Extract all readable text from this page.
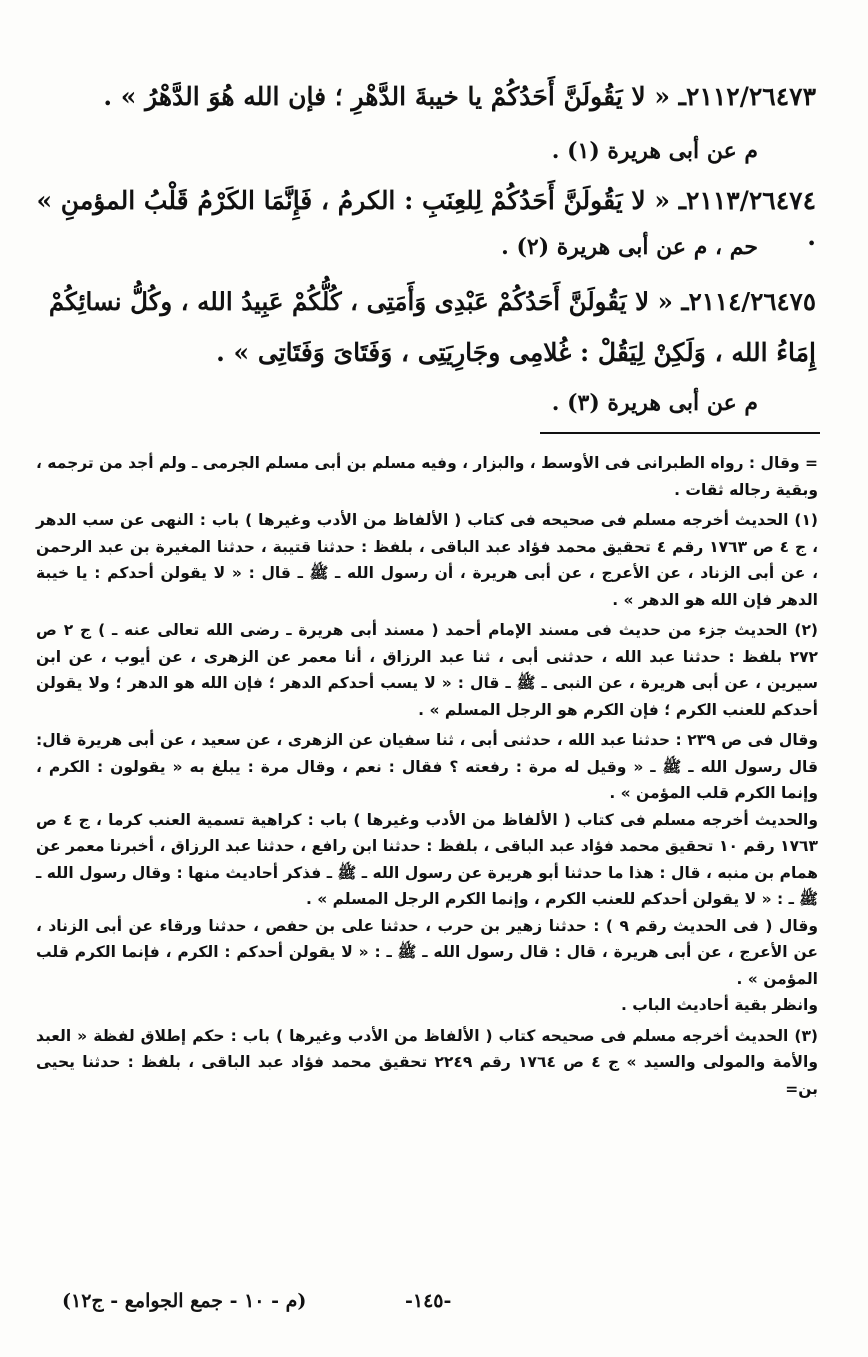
٢١١٢/٢٦٤٧٣ـ « لا يَقُولَنَّ أَحَدُكُمْ يا خيبةَ الدَّهْرِ ؛ فإن الله هُوَ الدَّهْرُ » .
م عن أبى هريرة (١) .
٢١١٣/٢٦٤٧٤ـ « لا يَقُولَنَّ أَحَدُكُمْ لِلعِنَبِ : الكرمُ ، فَإِنَّمَا الكَرْمُ قَلْبُ المؤمنِ » .
حم ، م عن أبى هريرة (٢) .
٢١١٤/٢٦٤٧٥ـ « لا يَقُولَنَّ أَحَدُكُمْ عَبْدِى وَأَمَتِى ، كُلُّكُمْ عَبِيدُ الله ، وكُلُّ نسائِكُمْ
إِمَاءُ الله ، وَلَكِنْ لِيَقُلْ : غُلامِى وجَارِيَتِى ، وَفَتَاىَ وَفَتَاتِى » .
م عن أبى هريرة (٣) .

= وقال : رواه الطبرانى فى الأوسط ، والبزار ، وفيه مسلم بن أبى مسلم الجرمى ـ ولم أجد من ترجمه ، وبقية رجاله ثقات .

(١) الحديث أخرجه مسلم فى صحيحه فى كتاب ( الألفاظ من الأدب وغيرها ) باب : النهى عن سب الدهر ، ج ٤ ص ١٧٦٣ رقم ٤ تحقيق محمد فؤاد عبد الباقى ، بلفظ : حدثنا قتيبة ، حدثنا المغيرة بن عبد الرحمن ، عن أبى الزناد ، عن الأعرج ، عن أبى هريرة ، أن رسول الله ـ ﷺ ـ قال : « لا يقولن أحدكم : يا خيبة الدهر فإن الله هو الدهر » .

(٢) الحديث جزء من حديث فى مسند الإمام أحمد ( مسند أبى هريرة ـ رضى الله تعالى عنه ـ ) ج ٢ ص ٢٧٢ بلفظ : حدثنا عبد الله ، حدثنى أبى ، ثنا عبد الرزاق ، أنا معمر عن الزهرى ، عن أيوب ، عن ابن سيرين ، عن أبى هريرة ، عن النبى ـ ﷺ ـ قال : « لا يسب أحدكم الدهر ؛ فإن الله هو الدهر ؛ ولا يقولن أحدكم للعنب الكرم ؛ فإن الكرم هو الرجل المسلم » .

وقال فى ص ٢٣٩ : حدثنا عبد الله ، حدثنى أبى ، ثنا سفيان عن الزهرى ، عن سعيد ، عن أبى هريرة قال: قال رسول الله ـ ﷺ ـ « وقيل له مرة : رفعته ؟ فقال : نعم ، وقال مرة : يبلغ به « يقولون : الكرم ، وإنما الكرم قلب المؤمن » .

والحديث أخرجه مسلم فى كتاب ( الألفاظ من الأدب وغيرها ) باب : كراهية تسمية العنب كرما ، ج ٤ ص ١٧٦٣ رقم ١٠ تحقيق محمد فؤاد عبد الباقى ، بلفظ : حدثنا ابن رافع ، حدثنا عبد الرزاق ، أخبرنا معمر عن همام بن منبه ، قال : هذا ما حدثنا أبو هريرة عن رسول الله ـ ﷺ ـ فذكر أحاديث منها : وقال رسول الله ـ ﷺ ـ : « لا يقولن أحدكم للعنب الكرم ، وإنما الكرم الرجل المسلم » .

وقال ( فى الحديث رقم ٩ ) : حدثنا زهير بن حرب ، حدثنا على بن حفص ، حدثنا ورقاء عن أبى الزناد ، عن الأعرج ، عن أبى هريرة ، قال : قال رسول الله ـ ﷺ ـ : « لا يقولن أحدكم : الكرم ، فإنما الكرم قلب المؤمن » .

وانظر بقية أحاديث الباب .

(٣) الحديث أخرجه مسلم فى صحيحه كتاب ( الألفاظ من الأدب وغيرها ) باب : حكم إطلاق لفظة « العبد والأمة والمولى والسيد » ج ٤ ص ١٧٦٤ رقم ٢٢٤٩ تحقيق محمد فؤاد عبد الباقى ، بلفظ : حدثنا يحيى بن=

-١٤٥-
(م - ١٠ - جمع الجوامع - ج١٢)
